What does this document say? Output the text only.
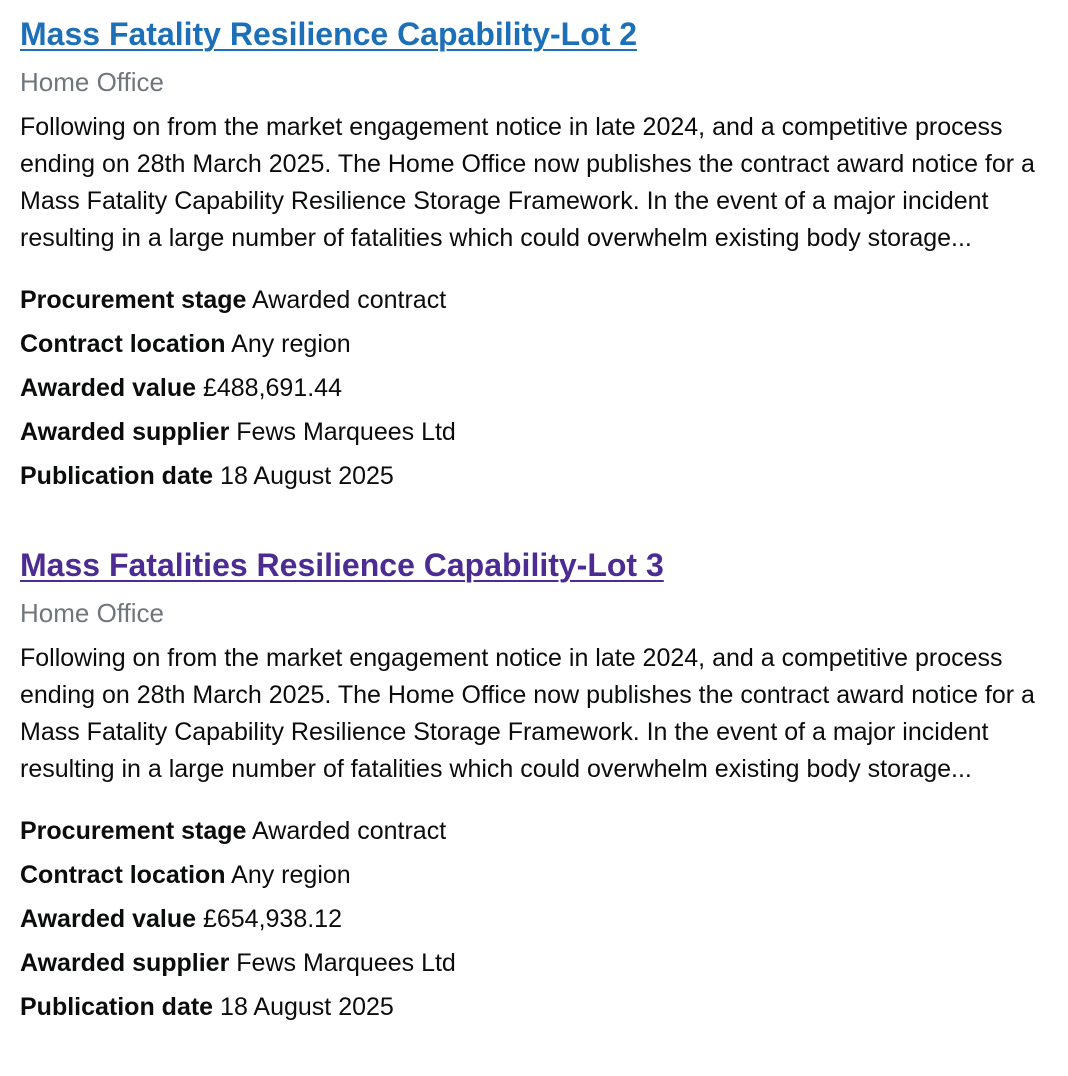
Mass Fatality Resilience Capability-Lot 2
Home Office
Following on from the market engagement notice in late 2024, and a competitive process ending on 28th March 2025. The Home Office now publishes the contract award notice for a Mass Fatality Capability Resilience Storage Framework. In the event of a major incident resulting in a large number of fatalities which could overwhelm existing body storage...
Procurement stage Awarded contract
Contract location Any region
Awarded value £488,691.44
Awarded supplier Fews Marquees Ltd
Publication date 18 August 2025
Mass Fatalities Resilience Capability-Lot 3
Home Office
Following on from the market engagement notice in late 2024, and a competitive process ending on 28th March 2025. The Home Office now publishes the contract award notice for a Mass Fatality Capability Resilience Storage Framework. In the event of a major incident resulting in a large number of fatalities which could overwhelm existing body storage...
Procurement stage Awarded contract
Contract location Any region
Awarded value £654,938.12
Awarded supplier Fews Marquees Ltd
Publication date 18 August 2025
